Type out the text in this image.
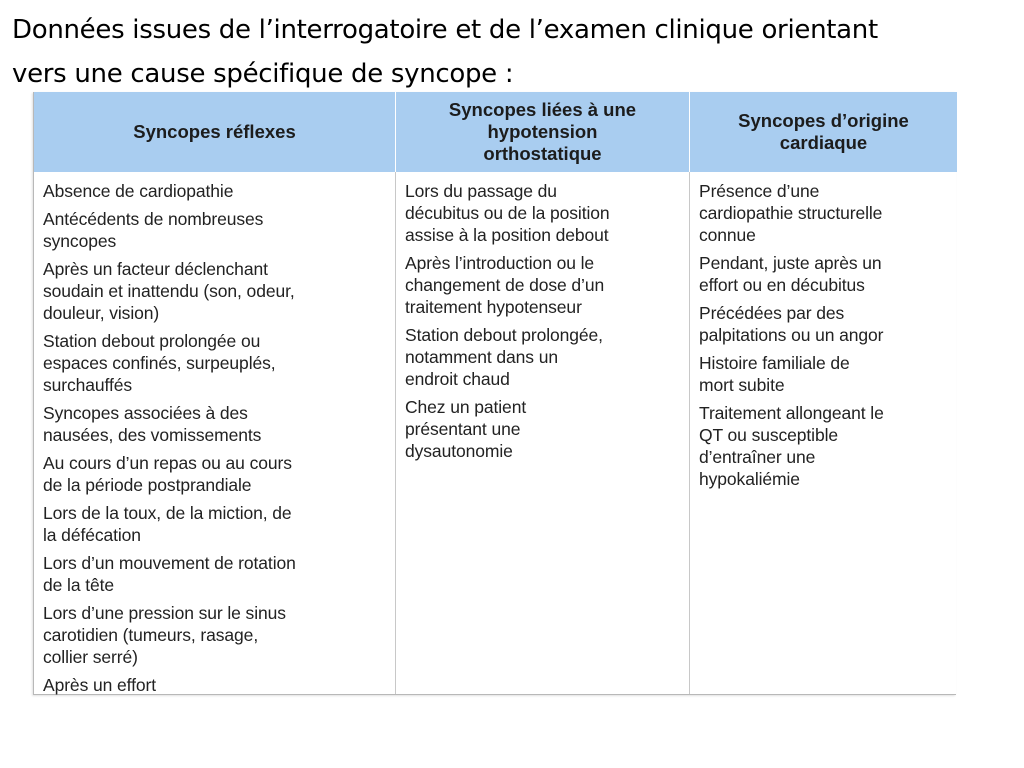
Données issues de l’interrogatoire et de l’examen clinique orientant
vers une cause spécifique de syncope :
Syncopes réflexes
Syncopes liées à une
hypotension
orthostatique
Syncopes d’origine
cardiaque
Absence de cardiopathie
Antécédents de nombreuses
syncopes
Après un facteur déclenchant
soudain et inattendu (son, odeur,
douleur, vision)
Station debout prolongée ou
espaces confinés, surpeuplés,
surchauffés
Syncopes associées à des
nausées, des vomissements
Au cours d’un repas ou au cours
de la période postprandiale
Lors de la toux, de la miction, de
la défécation
Lors d’un mouvement de rotation
de la tête
Lors d’une pression sur le sinus
carotidien (tumeurs, rasage,
collier serré)
Après un effort
Lors du passage du
décubitus ou de la position
assise à la position debout
Après l’introduction ou le
changement de dose d’un
traitement hypotenseur
Station debout prolongée,
notamment dans un
endroit chaud
Chez un patient
présentant une
dysautonomie
Présence d’une
cardiopathie structurelle
connue
Pendant, juste après un
effort ou en décubitus
Précédées par des
palpitations ou un angor
Histoire familiale de
mort subite
Traitement allongeant le
QT ou susceptible
d’entraîner une
hypokaliémie
